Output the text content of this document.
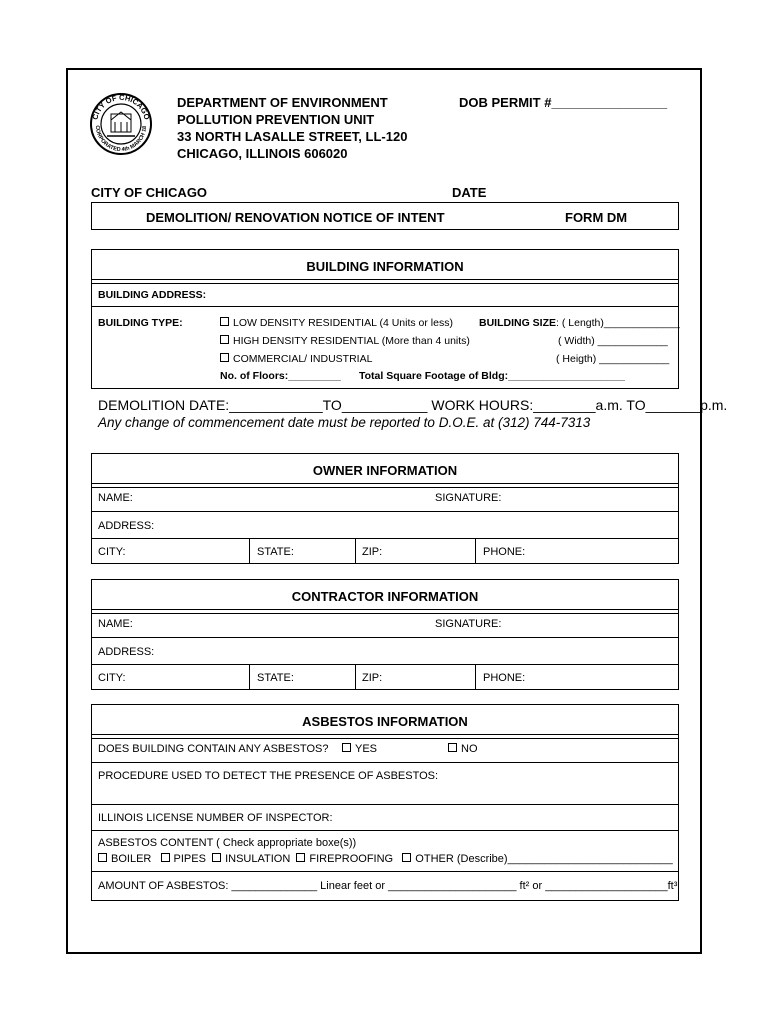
CITY OF CHICAGO
CORPORATED 4th MARCH 18
DEPARTMENT OF ENVIRONMENT
POLLUTION PREVENTION UNIT
33 NORTH LASALLE STREET, LL-120
CHICAGO, ILLINOIS 606020
DOB PERMIT #________________
CITY OF CHICAGO	DATE
DEMOLITION/ RENOVATION NOTICE OF INTENT	FORM DM
BUILDING INFORMATION
BUILDING ADDRESS:
BUILDING TYPE:	LOW DENSITY RESIDENTIAL (4 Units or less)
HIGH DENSITY RESIDENTIAL (More than 4 units)
COMMERCIAL/ INDUSTRIAL
BUILDING SIZE: ( Length)_____________
( Width) ____________
( Heigth) ____________
No. of Floors:_________ Total Square Footage of Bldg:____________________
DEMOLITION DATE:____________TO___________ WORK HOURS:________a.m. TO_______p.m.
Any change of commencement date must be reported to D.O.E. at (312) 744-7313
OWNER INFORMATION
NAME:	SIGNATURE:
ADDRESS:
CITY:	STATE:	ZIP:	PHONE:
CONTRACTOR INFORMATION
NAME:	SIGNATURE:
ADDRESS:
CITY:	STATE:	ZIP:	PHONE:
ASBESTOS INFORMATION
DOES BUILDING CONTAIN ANY ASBESTOS?	YES	NO
PROCEDURE USED TO DETECT THE PRESENCE OF ASBESTOS:
ILLINOIS LICENSE NUMBER OF INSPECTOR:
ASBESTOS CONTENT ( Check appropriate boxe(s))
BOILER PIPES INSULATION FIREPROOFING OTHER (Describe)___________________________
AMOUNT OF ASBESTOS: ______________ Linear feet or _____________________ ft² or ____________________ft³
